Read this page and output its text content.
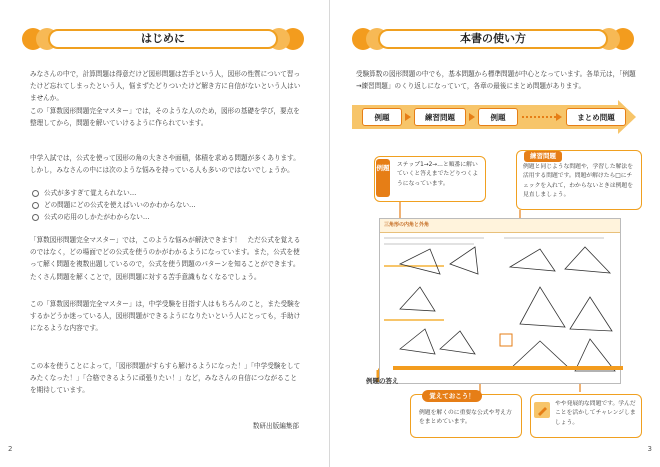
はじめに
みなさんの中で，計算問題は得意だけど図形問題は苦手という人，図形の性質について習ったけど忘れてしまったという人，悩まずたどりついたけど解き方に自信がないという人はいませんか。
この「算数図形問題完全マスター」では，そのような人のため，図形の基礎を学び，要点を整理してから，問題を解いていけるように作られています。
中学入試では，公式を使って図形の角の大きさや面積，体積を求める問題が多くあります。しかし，みなさんの中には次のような悩みを持っている人も多いのではないでしょうか。
公式が多すぎて覚えられない…
どの問題にどの公式を使えばいいのかわからない…
公式の応用のしかたがわからない…
「算数図形問題完全マスター」では，このような悩みが解決できます！　ただ公式を覚えるのではなく，どの場面でどの公式を使うのかがわかるようになっています。また，公式を使って解く問題を複数出題しているので，公式を使う問題のパターンを知ることができます。たくさん問題を解くことで，図形問題に対する苦手意識もなくなるでしょう。
この「算数図形問題完全マスター」は，中学受験を目指す人はもちろんのこと，また受験をするかどうか迷っている人，図形問題ができるようになりたいという人にとっても，手助けになるような内容です。
この本を使うことによって，「図形問題がすらすら解けるようになった！」「中学受験をしてみたくなった！」「合格できるように頑張りたい！」など，みなさんの自信につながることを期待しています。
数研出版編集部
2
本書の使い方
受験算数の図形問題の中でも，基本問題から標準問題が中心となっています。各単元は，「例題→練習問題」のくり返しになっていて，各章の最後にまとめ問題があります。
例題	練習問題	例題	まとめ問題
ステップ1→2→…と順番に解いていくと答えまでたどりつくようになっています。
例題	例題と同じような問題や，学習した解法を活用する問題です。問題が解けたら□にチェックを入れて，わからないときは例題を見直しましょう。
練習問題
三角形の内角と外角
例題の答え
例題を解くのに重要な公式や考え方をまとめています。
覚えておこう！
やや発展的な問題です。学んだことを活かしてチャレンジしましょう。
3
